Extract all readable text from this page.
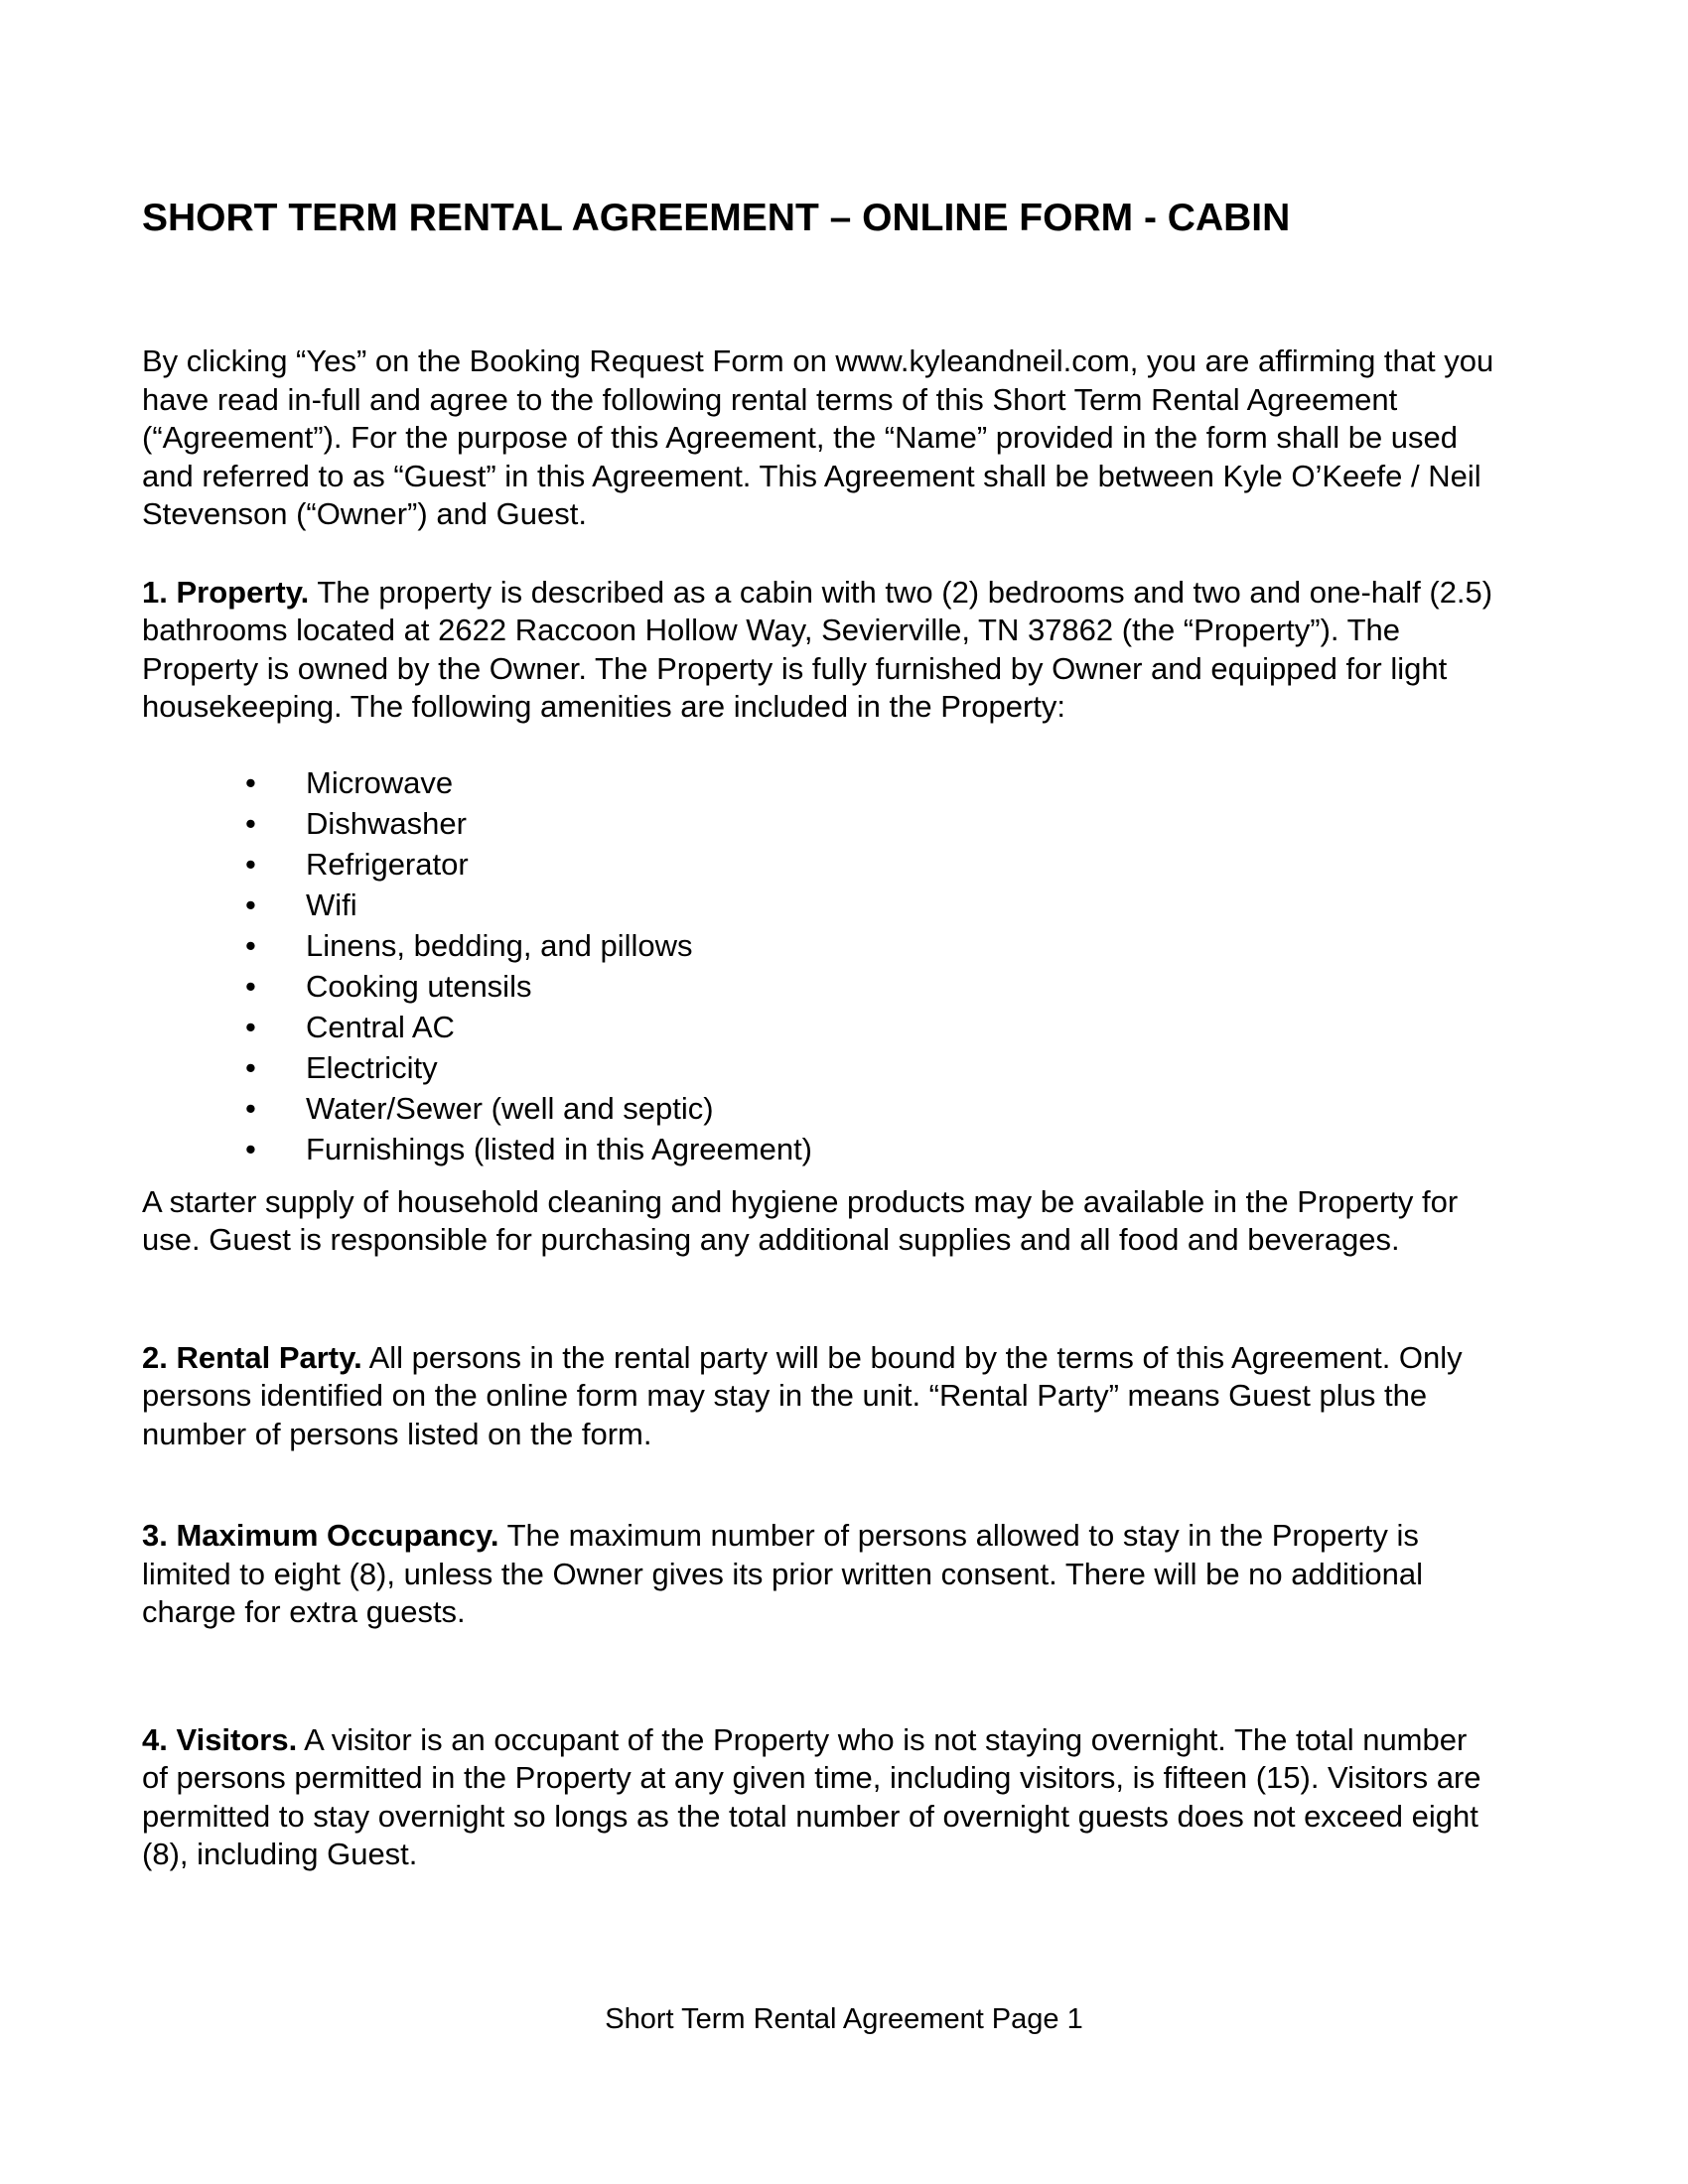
SHORT TERM RENTAL AGREEMENT – ONLINE FORM - CABIN

By clicking “Yes” on the Booking Request Form on www.kyleandneil.com, you are affirming that you have read in-full and agree to the following rental terms of this Short Term Rental Agreement (“Agreement”). For the purpose of this Agreement, the “Name” provided in the form shall be used and referred to as “Guest” in this Agreement. This Agreement shall be between Kyle O’Keefe / Neil Stevenson (“Owner”) and Guest.

1. Property. The property is described as a cabin with two (2) bedrooms and two and one-half (2.5) bathrooms located at 2622 Raccoon Hollow Way, Sevierville, TN 37862 (the “Property”). The Property is owned by the Owner. The Property is fully furnished by Owner and equipped for light housekeeping. The following amenities are included in the Property:

• Microwave
• Dishwasher
• Refrigerator
• Wifi
• Linens, bedding, and pillows
• Cooking utensils
• Central AC
• Electricity
• Water/Sewer (well and septic)
• Furnishings (listed in this Agreement)

A starter supply of household cleaning and hygiene products may be available in the Property for use. Guest is responsible for purchasing any additional supplies and all food and beverages.

2. Rental Party. All persons in the rental party will be bound by the terms of this Agreement. Only persons identified on the online form may stay in the unit. “Rental Party” means Guest plus the number of persons listed on the form.

3. Maximum Occupancy. The maximum number of persons allowed to stay in the Property is limited to eight (8), unless the Owner gives its prior written consent. There will be no additional charge for extra guests.

4. Visitors. A visitor is an occupant of the Property who is not staying overnight. The total number of persons permitted in the Property at any given time, including visitors, is fifteen (15). Visitors are permitted to stay overnight so longs as the total number of overnight guests does not exceed eight (8), including Guest.

Short Term Rental Agreement Page 1
